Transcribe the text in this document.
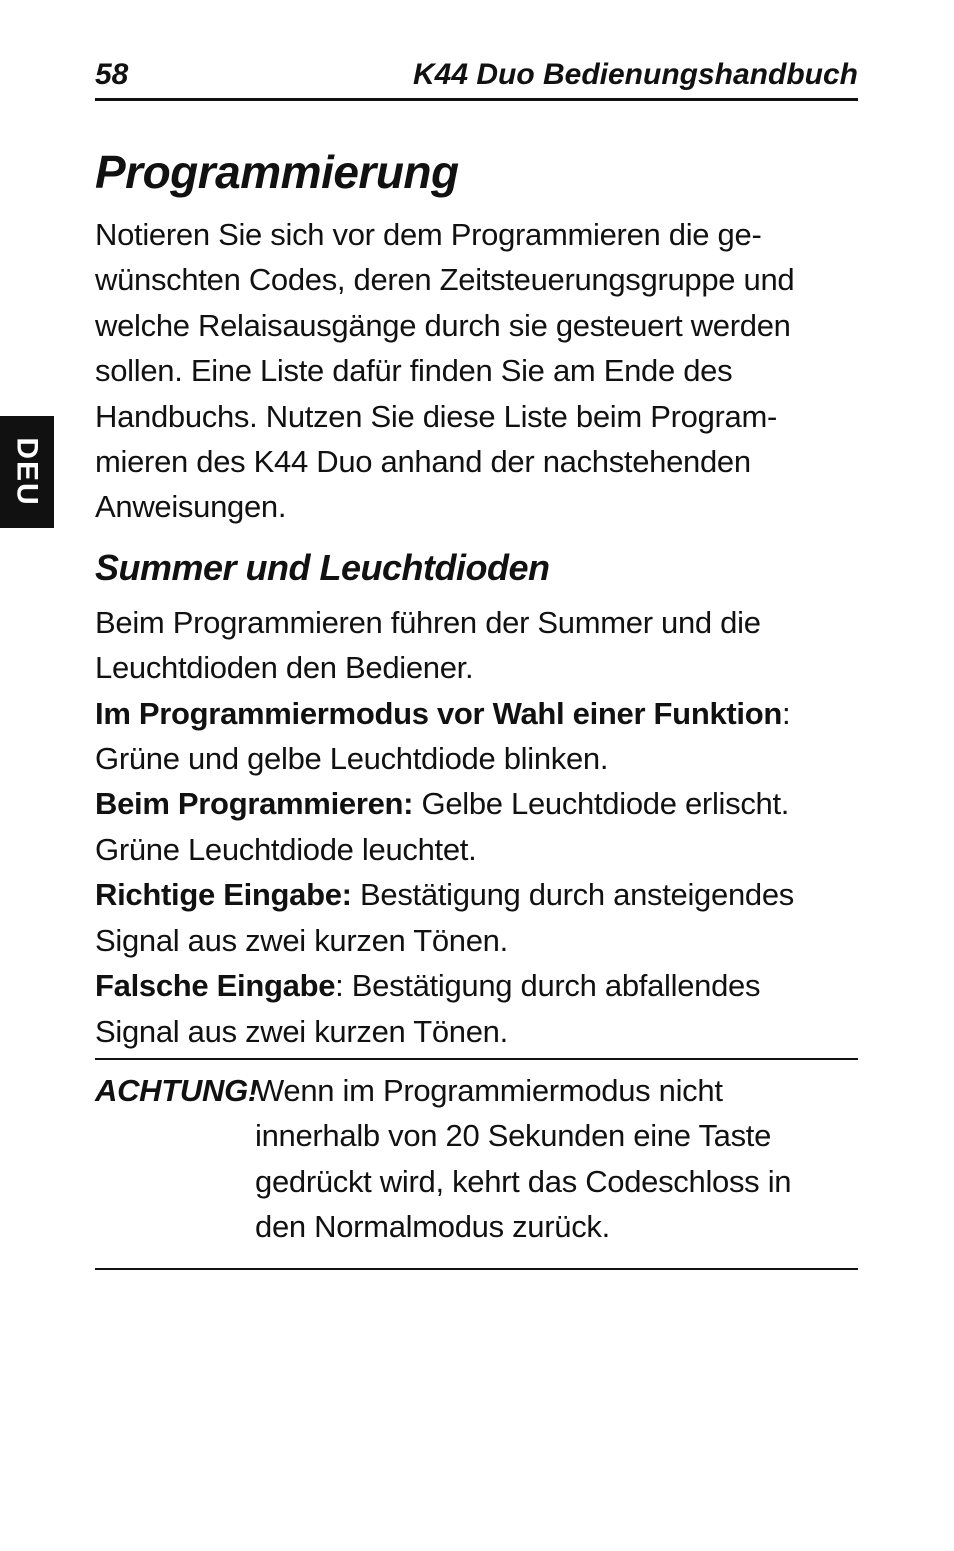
58	K44 Duo Bedienungshandbuch
DEU
Programmierung

Notieren Sie sich vor dem Programmieren die ge-

wünschten Codes, deren Zeitsteuerungsgruppe und

welche Relaisausgänge durch sie gesteuert werden

sollen. Eine Liste dafür finden Sie am Ende des

Handbuchs. Nutzen Sie diese Liste beim Program-

mieren des K44 Duo anhand der nachstehenden

Anweisungen.

Summer und Leuchtdioden

Beim Programmieren führen der Summer und die

Leuchtdioden den Bediener.

Im Programmiermodus vor Wahl einer Funktion:

Grüne und gelbe Leuchtdiode blinken.

Beim Programmieren: Gelbe Leuchtdiode erlischt.

Grüne Leuchtdiode leuchtet.

Richtige Eingabe: Bestätigung durch ansteigendes

Signal aus zwei kurzen Tönen.

Falsche Eingabe: Bestätigung durch abfallendes

Signal aus zwei kurzen Tönen.

ACHTUNG!
Wenn im Programmiermodus nicht
innerhalb von 20 Sekunden eine Taste
gedrückt wird, kehrt das Codeschloss in
den Normalmodus zurück.
